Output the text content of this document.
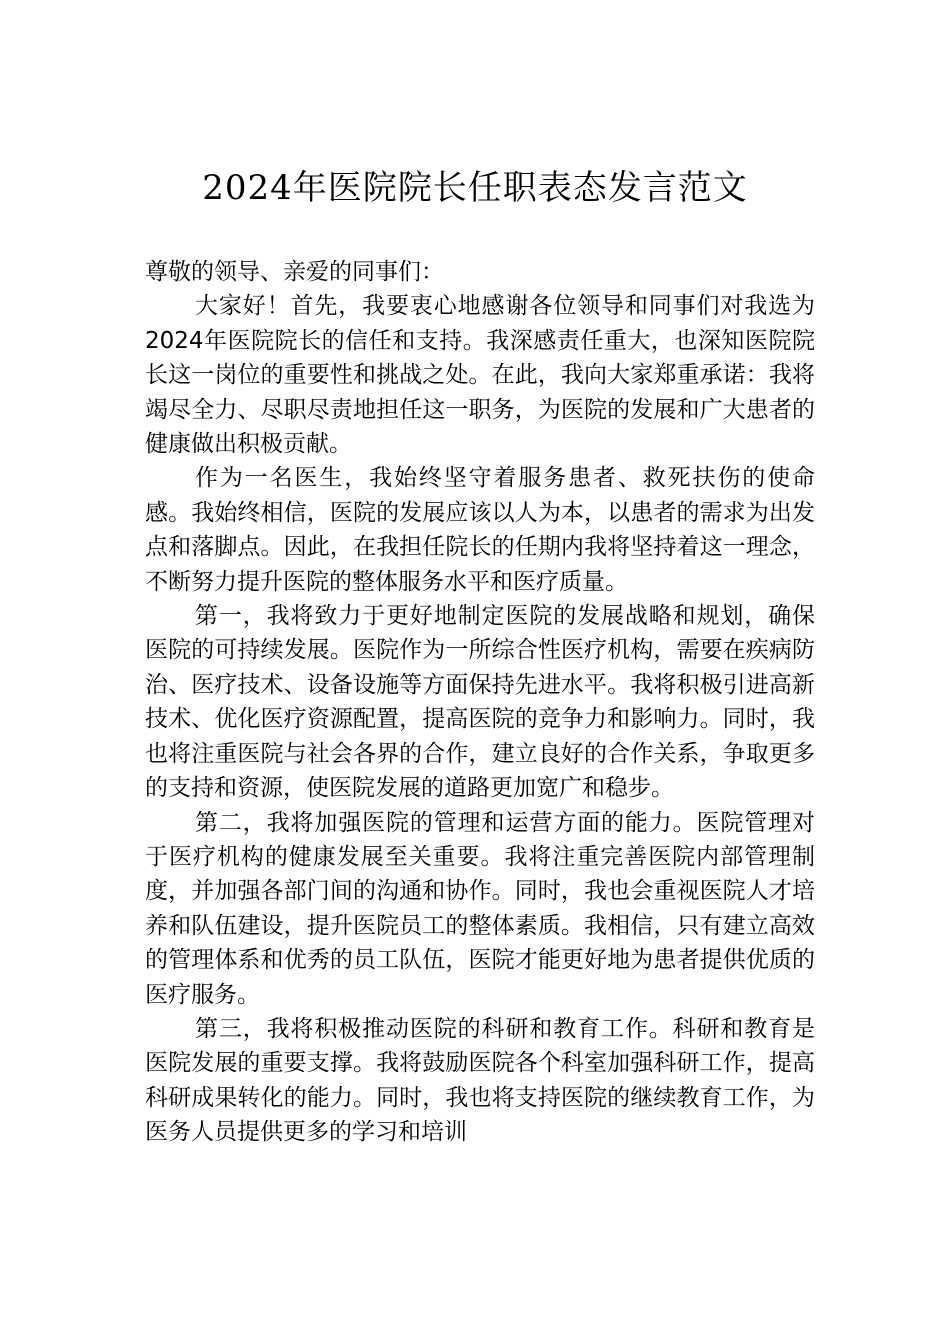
2024年医院院长任职表态发言范文

尊敬的领导、亲爱的同事们：

大家好！首先，我要衷心地感谢各位领导和同事们对我选为2024年医院院长的信任和支持。我深感责任重大，也深知医院院长这一岗位的重要性和挑战之处。在此，我向大家郑重承诺：我将竭尽全力、尽职尽责地担任这一职务，为医院的发展和广大患者的健康做出积极贡献。

作为一名医生，我始终坚守着服务患者、救死扶伤的使命感。我始终相信，医院的发展应该以人为本，以患者的需求为出发点和落脚点。因此，在我担任院长的任期内我将坚持着这一理念，不断努力提升医院的整体服务水平和医疗质量。

第一，我将致力于更好地制定医院的发展战略和规划，确保医院的可持续发展。医院作为一所综合性医疗机构，需要在疾病防治、医疗技术、设备设施等方面保持先进水平。我将积极引进高新技术、优化医疗资源配置，提高医院的竞争力和影响力。同时，我也将注重医院与社会各界的合作，建立良好的合作关系，争取更多的支持和资源，使医院发展的道路更加宽广和稳步。

第二，我将加强医院的管理和运营方面的能力。医院管理对于医疗机构的健康发展至关重要。我将注重完善医院内部管理制度，并加强各部门间的沟通和协作。同时，我也会重视医院人才培养和队伍建设，提升医院员工的整体素质。我相信，只有建立高效的管理体系和优秀的员工队伍，医院才能更好地为患者提供优质的医疗服务。

第三，我将积极推动医院的科研和教育工作。科研和教育是医院发展的重要支撑。我将鼓励医院各个科室加强科研工作，提高科研成果转化的能力。同时，我也将支持医院的继续教育工作，为医务人员提供更多的学习和培训
